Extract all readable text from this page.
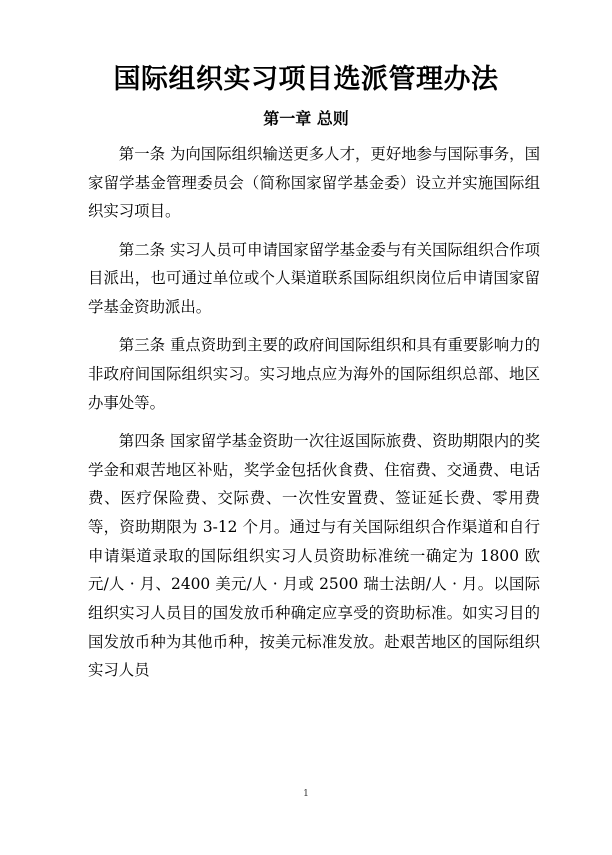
国际组织实习项目选派管理办法
第一章 总则

第一条 为向国际组织输送更多人才，更好地参与国际事务，国家留学基金管理委员会（简称国家留学基金委）设立并实施国际组织实习项目。

第二条 实习人员可申请国家留学基金委与有关国际组织合作项目派出，也可通过单位或个人渠道联系国际组织岗位后申请国家留学基金资助派出。

第三条 重点资助到主要的政府间国际组织和具有重要影响力的非政府间国际组织实习。实习地点应为海外的国际组织总部、地区办事处等。

第四条 国家留学基金资助一次往返国际旅费、资助期限内的奖学金和艰苦地区补贴，奖学金包括伙食费、住宿费、交通费、电话费、医疗保险费、交际费、一次性安置费、签证延长费、零用费等，资助期限为 3-12 个月。通过与有关国际组织合作渠道和自行申请渠道录取的国际组织实习人员资助标准统一确定为 1800 欧元/人 · 月、2400 美元/人 · 月或 2500 瑞士法朗/人 · 月。以国际组织实习人员目的国发放币种确定应享受的资助标准。如实习目的国发放币种为其他币种，按美元标准发放。赴艰苦地区的国际组织实习人员

1
